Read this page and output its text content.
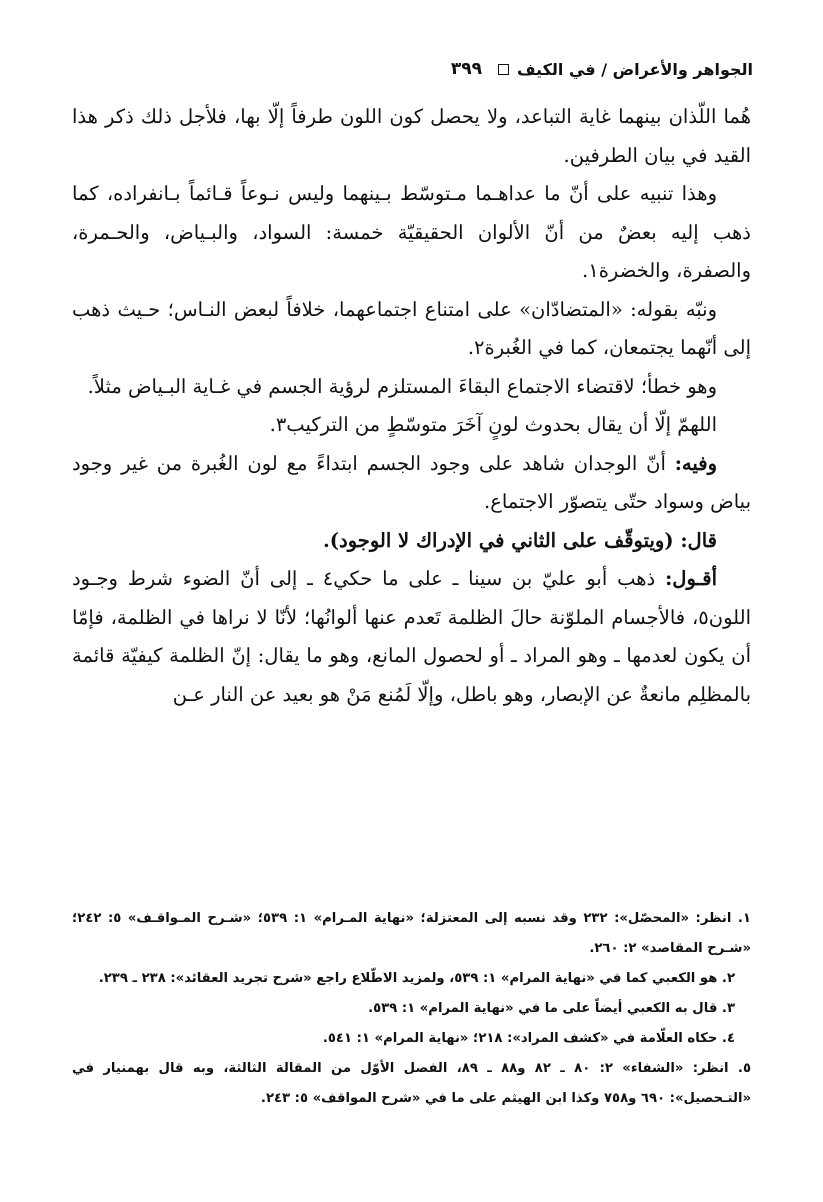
الجواهر والأعراض / في الكيف
٣٩٩

هُما اللّذان بينهما غاية التباعد، ولا يحصل كون اللون طرفاً إلّا بها، فلأجل ذلك ذكر هذا القيد في بيان الطرفين.

وهذا تنبيه على أنّ ما عداهـما مـتوسّط بـينهما وليس نـوعاً قـائماً بـانفراده، كما ذهب إليه بعضٌ من أنّ الألوان الحقيقيّة خمسة: السواد، والبـياض، والحـمرة، والصفرة، والخضرة١.

ونبّه بقوله: «المتضادّان» على امتناع اجتماعهما، خلافاً لبعض النـاس؛ حـيث ذهب إلى أنّهما يجتمعان، كما في الغُبرة٢.

وهو خطأ؛ لاقتضاء الاجتماع البقاءَ المستلزم لرؤية الجسم في غـاية البـياض مثلاً.

اللهمّ إلّا أن يقال بحدوث لونٍ آخَرَ متوسّطٍ من التركيب٣.

وفيه: أنّ الوجدان شاهد على وجود الجسم ابتداءً مع لون الغُبرة من غير وجود بياض وسواد حتّى يتصوّر الاجتماع.

قال: (ويتوقّف على الثاني في الإدراك لا الوجود).

أقـول: ذهب أبو عليّ بن سينا ـ على ما حكي٤ ـ إلى أنّ الضوء شرط وجـود اللون٥، فالأجسام الملوّنة حالَ الظلمة تَعدم عنها ألوانُها؛ لأنّا لا نراها في الظلمة، فإمّا أن يكون لعدمها ـ وهو المراد ـ أو لحصول المانع، وهو ما يقال: إنّ الظلمة كيفيّة قائمة بالمظلِم مانعةٌ عن الإبصار، وهو باطل، وإلّا لَمُنع مَنْ هو بعيد عن النار عـن

١. انظر: «المحصّل»: ٢٣٢ وقد نسبه إلى المعتزلة؛ «نهاية المـرام» ١: ٥٣٩؛ «شـرح المـواقـف» ٥: ٢٤٢؛ «شـرح المقاصد» ٢: ٢٦٠.

٢. هو الكعبي كما في «نهاية المرام» ١: ٥٣٩، ولمزيد الاطّلاع راجع «شرح تجريد العقائد»: ٢٣٨ ـ ٢٣٩.

٣. قال به الكعبي أيضاً على ما في «نهاية المرام» ١: ٥٣٩.

٤. حكاه العلّامة في «كشف المراد»: ٢١٨؛ «نهاية المرام» ١: ٥٤١.

٥. انظر: «الشفاء» ٢: ٨٠ ـ ٨٢ و٨٨ ـ ٨٩، الفصل الأوّل من المقالة الثالثة، وبه قال بهمنيار في «التـحصيل»: ٦٩٠ و٧٥٨ وكذا ابن الهيثم على ما في «شرح المواقف» ٥: ٢٤٣.
